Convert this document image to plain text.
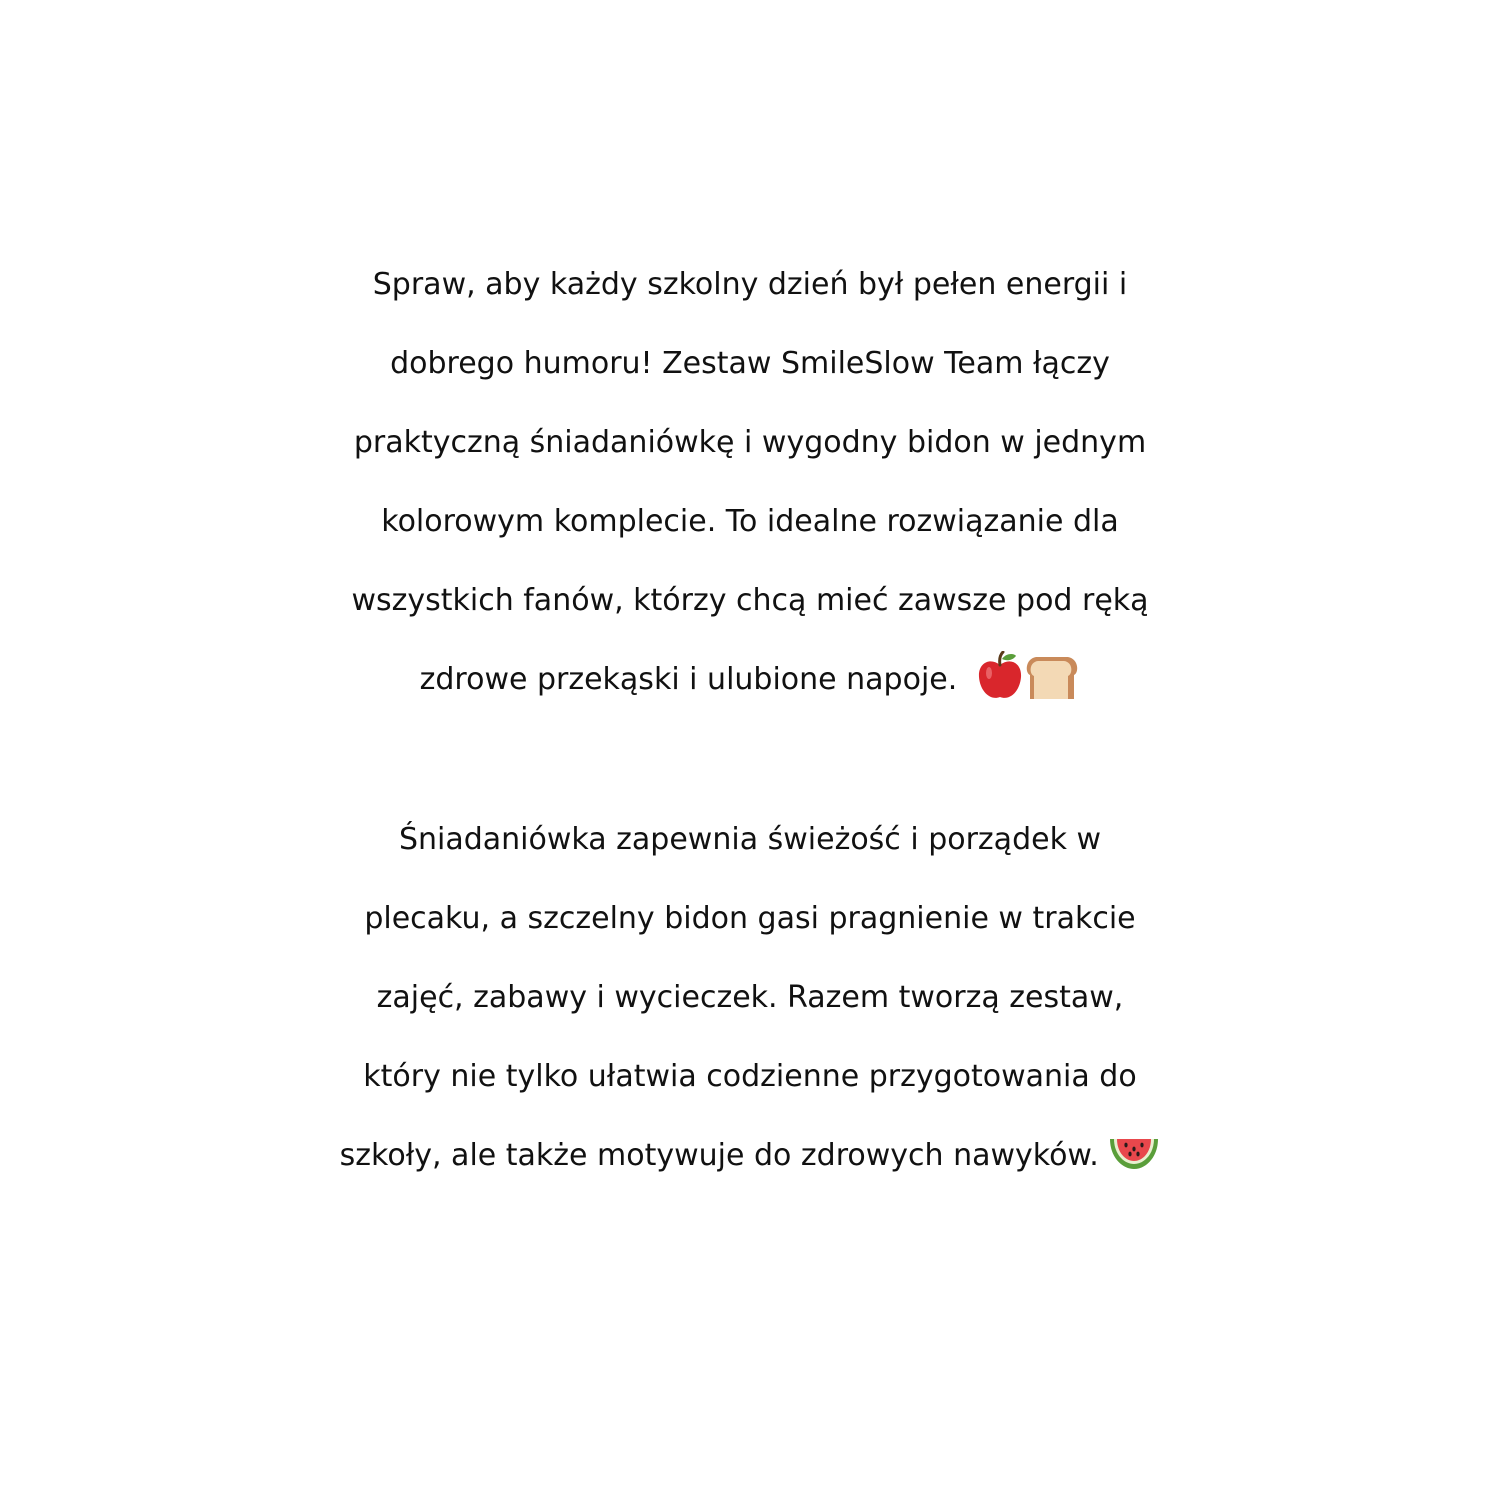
Spraw, aby każdy szkolny dzień był pełen energii i
dobrego humoru! Zestaw SmileSlow Team łączy
praktyczną śniadaniówkę i wygodny bidon w jednym
kolorowym komplecie. To idealne rozwiązanie dla
wszystkich fanów, którzy chcą mieć zawsze pod ręką
zdrowe przekąski i ulubione napoje.
Śniadaniówka zapewnia świeżość i porządek w
plecaku, a szczelny bidon gasi pragnienie w trakcie
zajęć, zabawy i wycieczek. Razem tworzą zestaw,
który nie tylko ułatwia codzienne przygotowania do
szkoły, ale także motywuje do zdrowych nawyków.
